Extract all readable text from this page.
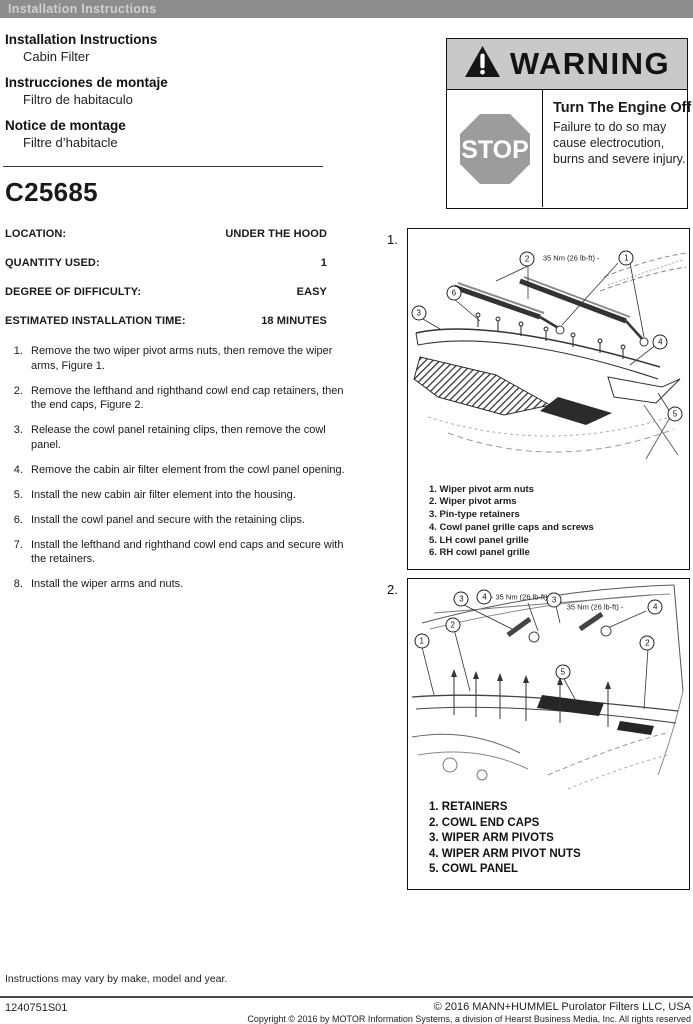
Installation Instructions
Installation Instructions
Cabin Filter
Instrucciones de montaje
Filtro de habitaculo
Notice de montage
Filtre d’habitacle
C25685
LOCATION:	UNDER THE HOOD
QUANTITY USED:	1
DEGREE OF DIFFICULTY:	EASY
ESTIMATED INSTALLATION TIME:	18 MINUTES
1. Remove the two wiper pivot arms nuts, then remove the wiper arms, Figure 1.
2. Remove the lefthand and righthand cowl end cap retainers, then the end caps, Figure 2.
3. Release the cowl panel retaining clips, then remove the cowl panel.
4. Remove the cabin air filter element from the cowl panel opening.
5. Install the new cabin air filter element into the housing.
6. Install the cowl panel and secure with the retaining clips.
7. Install the lefthand and righthand cowl end caps and secure with the retainers.
8. Install the wiper arms and nuts.
WARNING
STOP
Turn The Engine Off
Failure to do so may cause electrocution, burns and severe injury.
1.
2	1
6
3
4
5
35 Nm (26 lb-ft) -
1. Wiper pivot arm nuts
2. Wiper pivot arms
3. Pin-type retainers
4. Cowl panel grille caps and screws
5. LH cowl panel grille
6. RH cowl panel grille
2.
3	4	3
4
2
1	2
5
- 35 Nm (26 lb-ft)
35 Nm (26 lb-ft) -
1. RETAINERS
2. COWL END CAPS
3. WIPER ARM PIVOTS
4. WIPER ARM PIVOT NUTS
5. COWL PANEL
Instructions may vary by make, model and year.
1240751S01	© 2016 MANN+HUMMEL Purolator Filters LLC, USA
Copyright © 2016 by MOTOR Information Systems, a division of Hearst Business Media, Inc. All rights reserved
